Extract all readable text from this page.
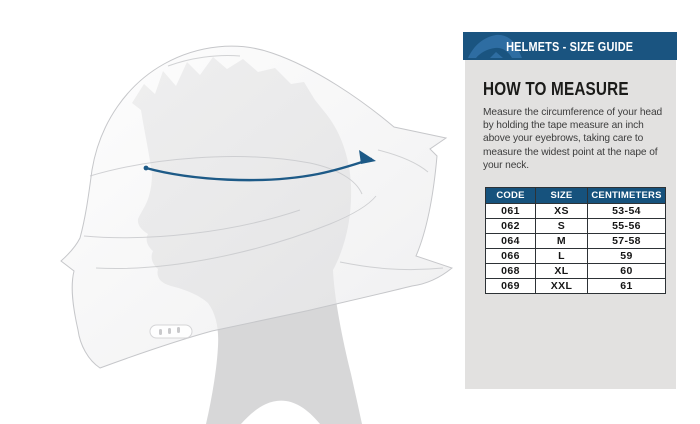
HELMETS - SIZE GUIDE
HOW TO MEASURE

Measure the circumference of your head by holding the tape measure an inch above your eyebrows, taking care to measure the widest point at the nape of your neck.

CODE	SIZE	CENTIMETERS
061	XS	53-54
062	S	55-56
064	M	57-58
066	L	59
068	XL	60
069	XXL	61
